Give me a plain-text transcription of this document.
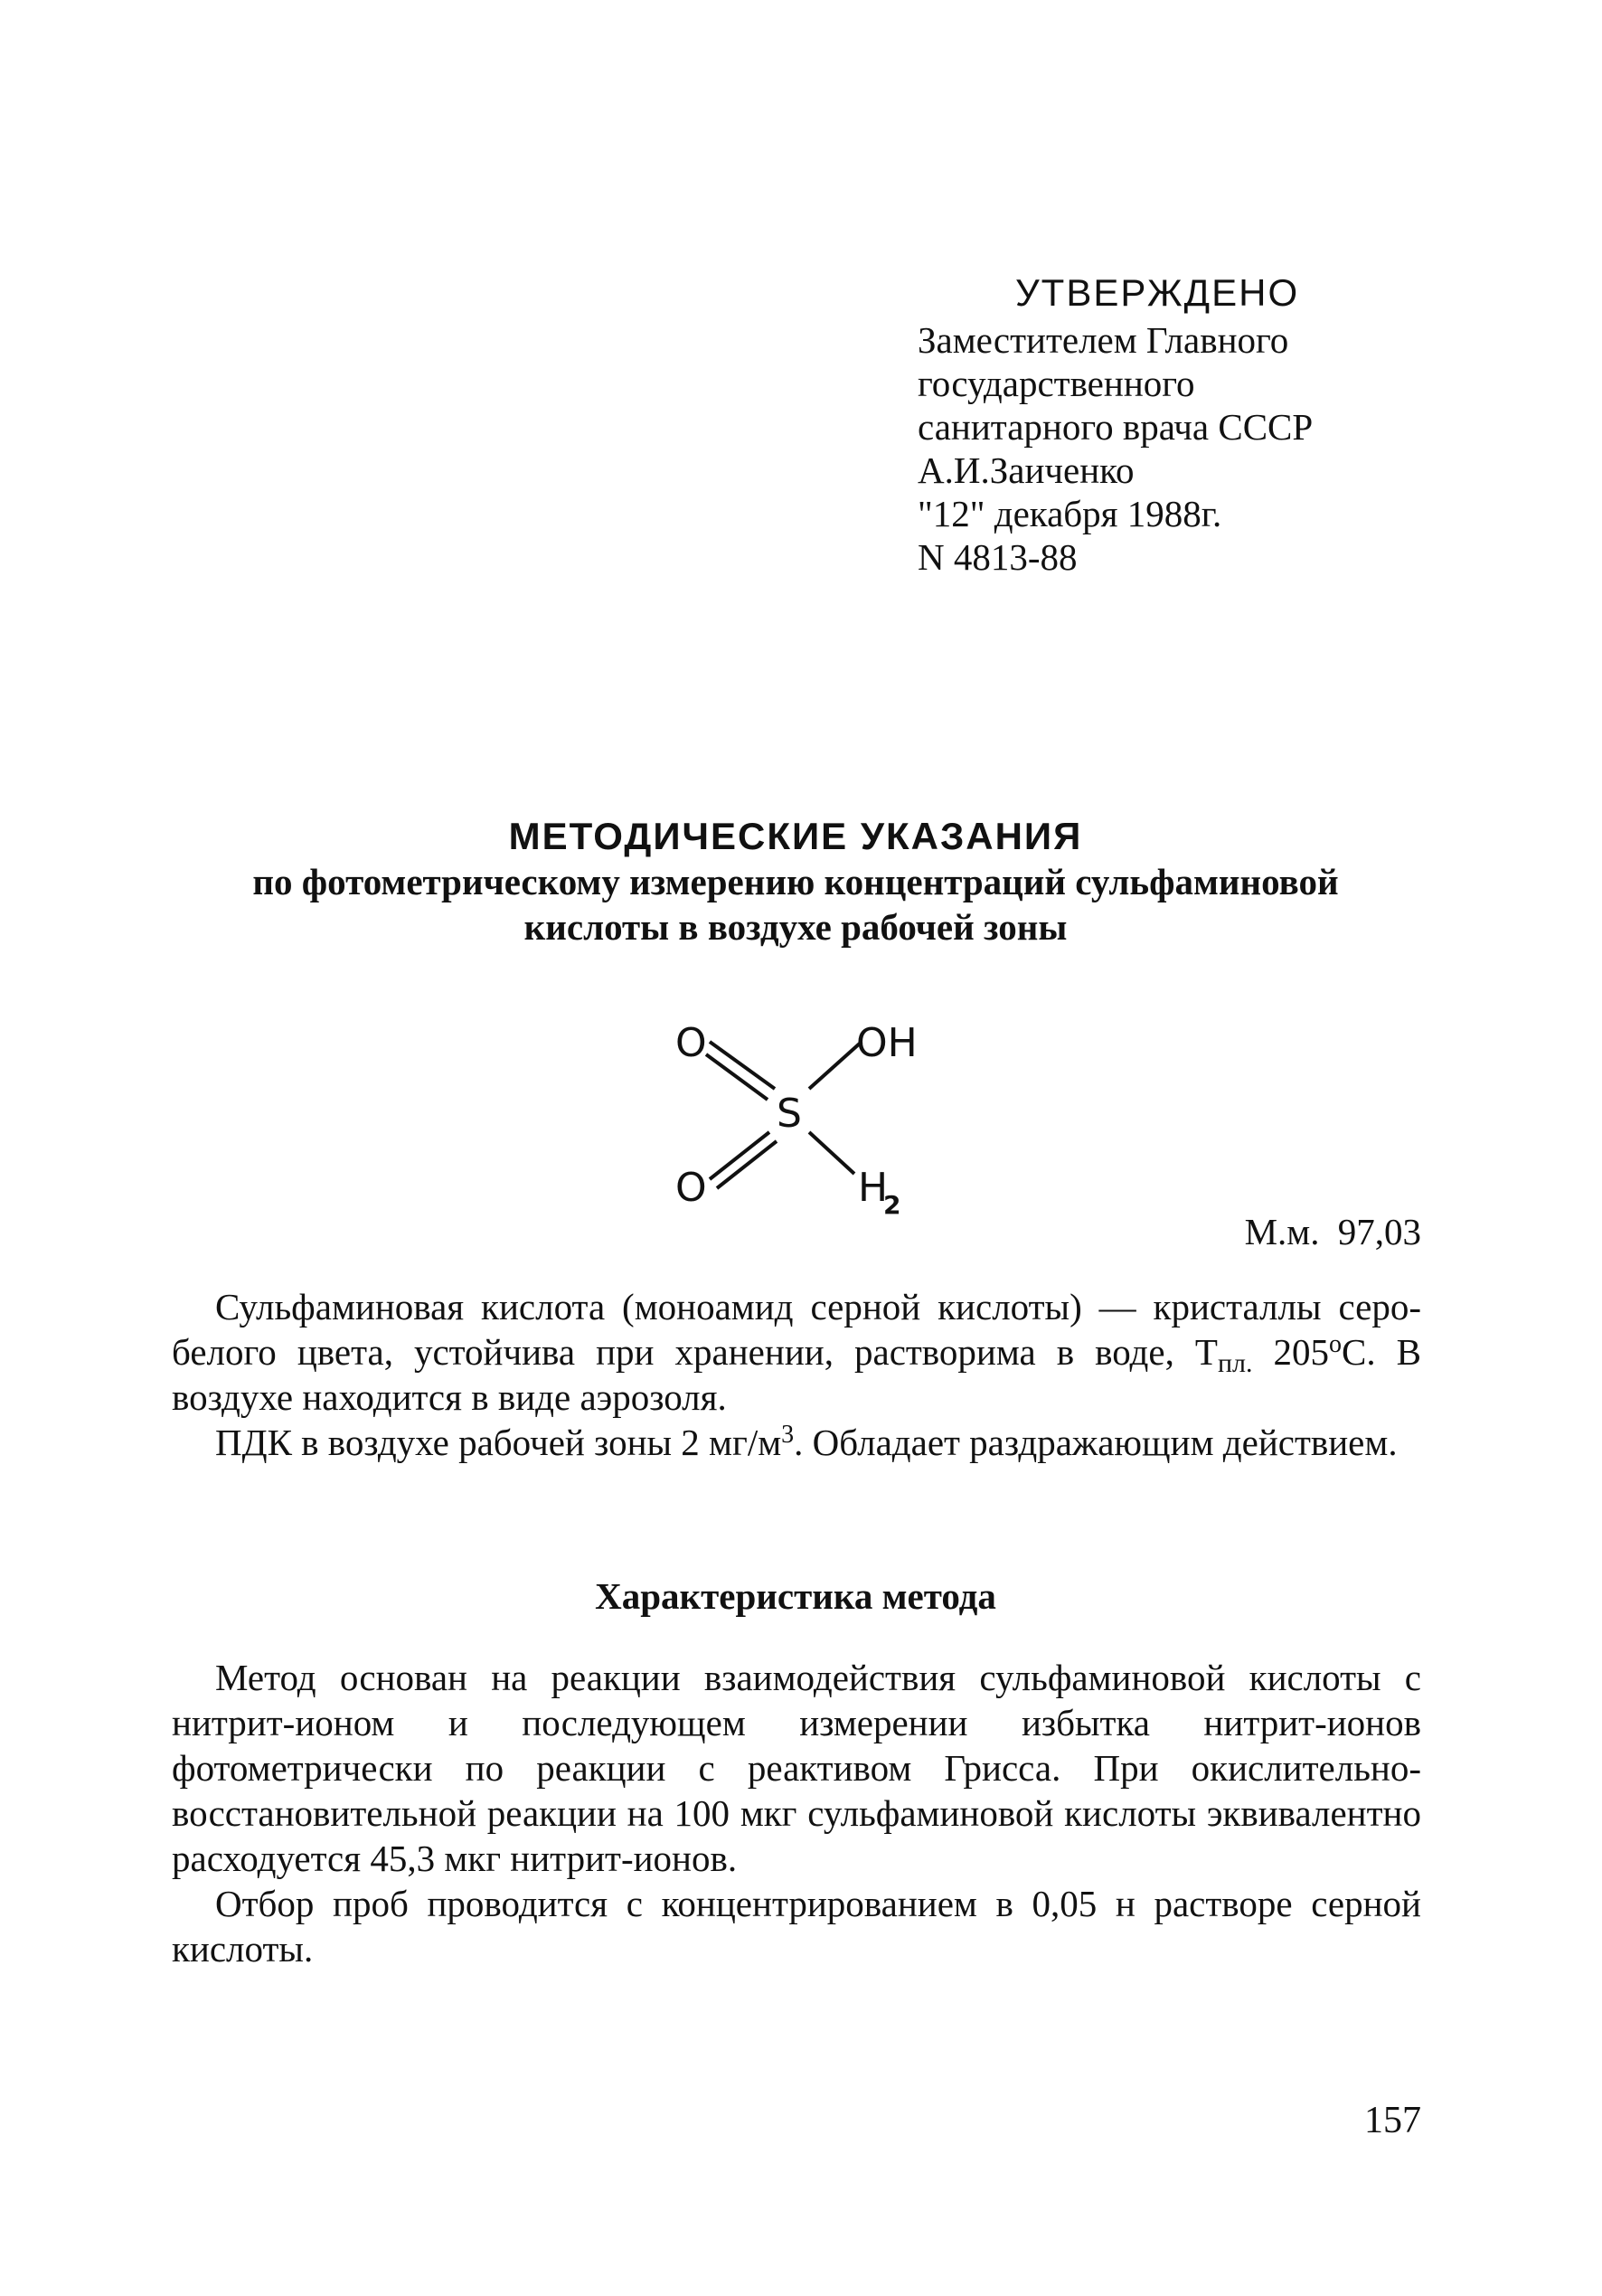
УТВЕРЖДЕНО
Заместителем Главного
государственного
санитарного врача СССР
А.И.Заиченко
"12" декабря 1988г.
N 4813-88
МЕТОДИЧЕСКИЕ УКАЗАНИЯ
по фотометрическому измерению концентраций сульфаминовой
кислоты в воздухе рабочей зоны
O	OH
S
O	H
2
М.м. 97,03

Сульфаминовая кислота (моноамид серной кислоты) — кристаллы серо-белого цвета, устойчива при хранении, растворима в воде, $Т_{пл.}$ $205^оС$. В воздухе находится в виде аэрозоля.

ПДК в воздухе рабочей зоны 2 $мг/м^3$. Обладает раздражающим действием.

Характеристика метода

Метод основан на реакции взаимодействия сульфаминовой кислоты с нитрит-ионом и последующем измерении избытка нитрит-ионов фотометрически по реакции с реактивом Грисса. При окислительно-восстановительной реакции на 100 мкг сульфаминовой кислоты эквивалентно расходуется 45,3 мкг нитрит-ионов.

Отбор проб проводится с концентрированием в 0,05 н растворе серной кислоты.

157
